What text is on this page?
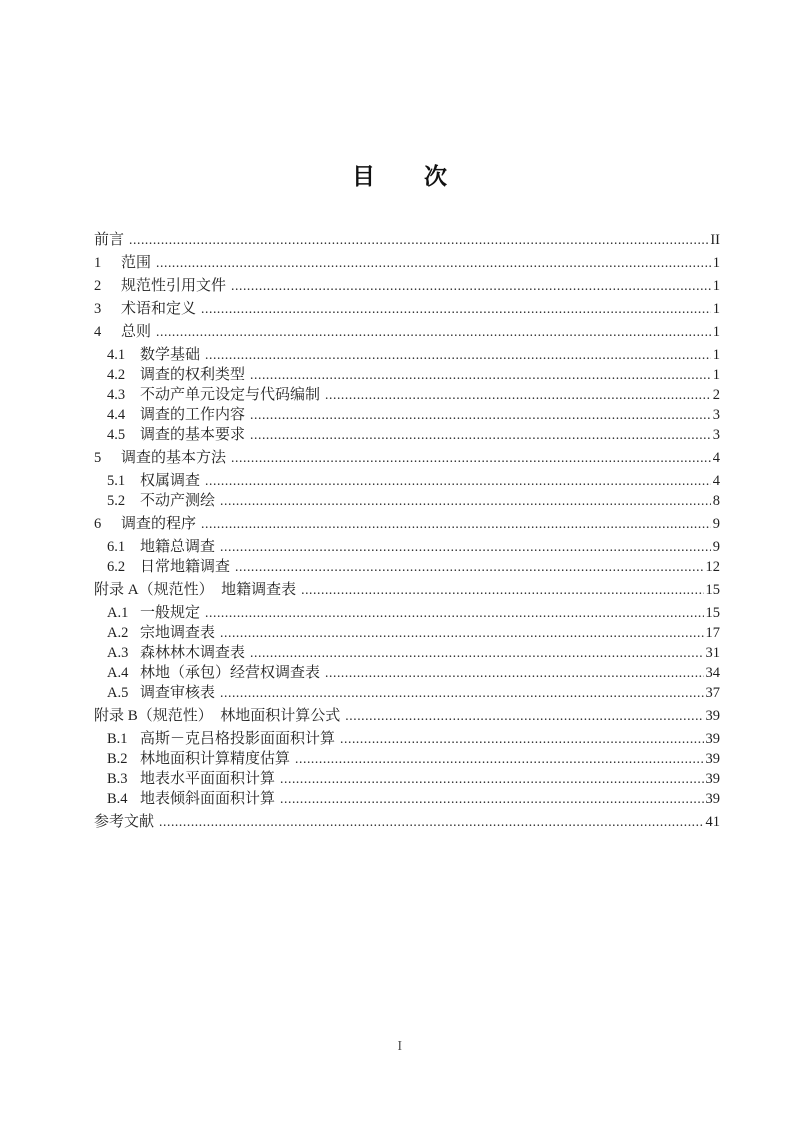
目　　次
前言 .....	II
1	范围 .....	1
2	规范性引用文件 .....	1
3	术语和定义 .....	1
4	总则 .....	1
4.1 数学基础 .....	1
4.2 调查的权利类型 .....	1
4.3 不动产单元设定与代码编制 .....	2
4.4 调查的工作内容 .....	3
4.5 调查的基本要求 .....	3
5	调查的基本方法 .....	4
5.1 权属调查 .....	4
5.2 不动产测绘 .....	8
6	调查的程序 .....	9
6.1 地籍总调查 .....	9
6.2 日常地籍调查 .....	12
附录 A（规范性）　地籍调查表 .....	15
A.1 一般规定 .....	15
A.2 宗地调查表 .....	17
A.3 森林林木调查表 .....	31
A.4 林地（承包）经营权调查表 .....	34
A.5 调查审核表 .....	37
附录 B（规范性）　林地面积计算公式 .....	39
B.1 高斯－克吕格投影面面积计算 .....	39
B.2 林地面积计算精度估算 .....	39
B.3 地表水平面面积计算 .....	39
B.4 地表倾斜面面积计算 .....	39
参考文献 .....	41
I
